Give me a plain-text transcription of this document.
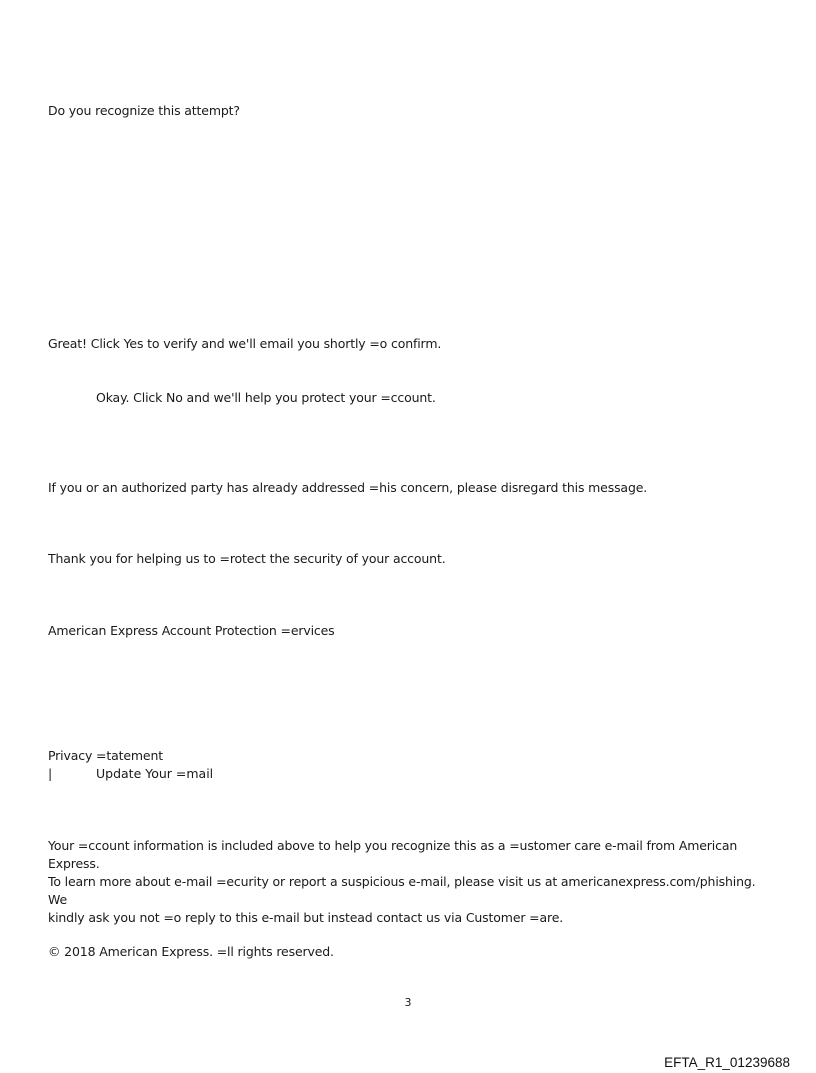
Do you recognize this attempt?
Great! Click Yes to verify and we'll email you shortly =o confirm.
Okay. Click No and we'll help you protect your =ccount.
If you or an authorized party has already addressed =his concern, please disregard this message.
Thank you for helping us to =rotect the security of your account.
American Express Account Protection =ervices
Privacy =tatement
|	Update Your =mail
Your =ccount information is included above to help you recognize this as a =ustomer care e-mail from American Express.
To learn more about e-mail =ecurity or report a suspicious e-mail, please visit us at americanexpress.com/phishing. We
kindly ask you not =o reply to this e-mail but instead contact us via Customer =are.
© 2018 American Express. =ll rights reserved.
3
EFTA_R1_01239688
